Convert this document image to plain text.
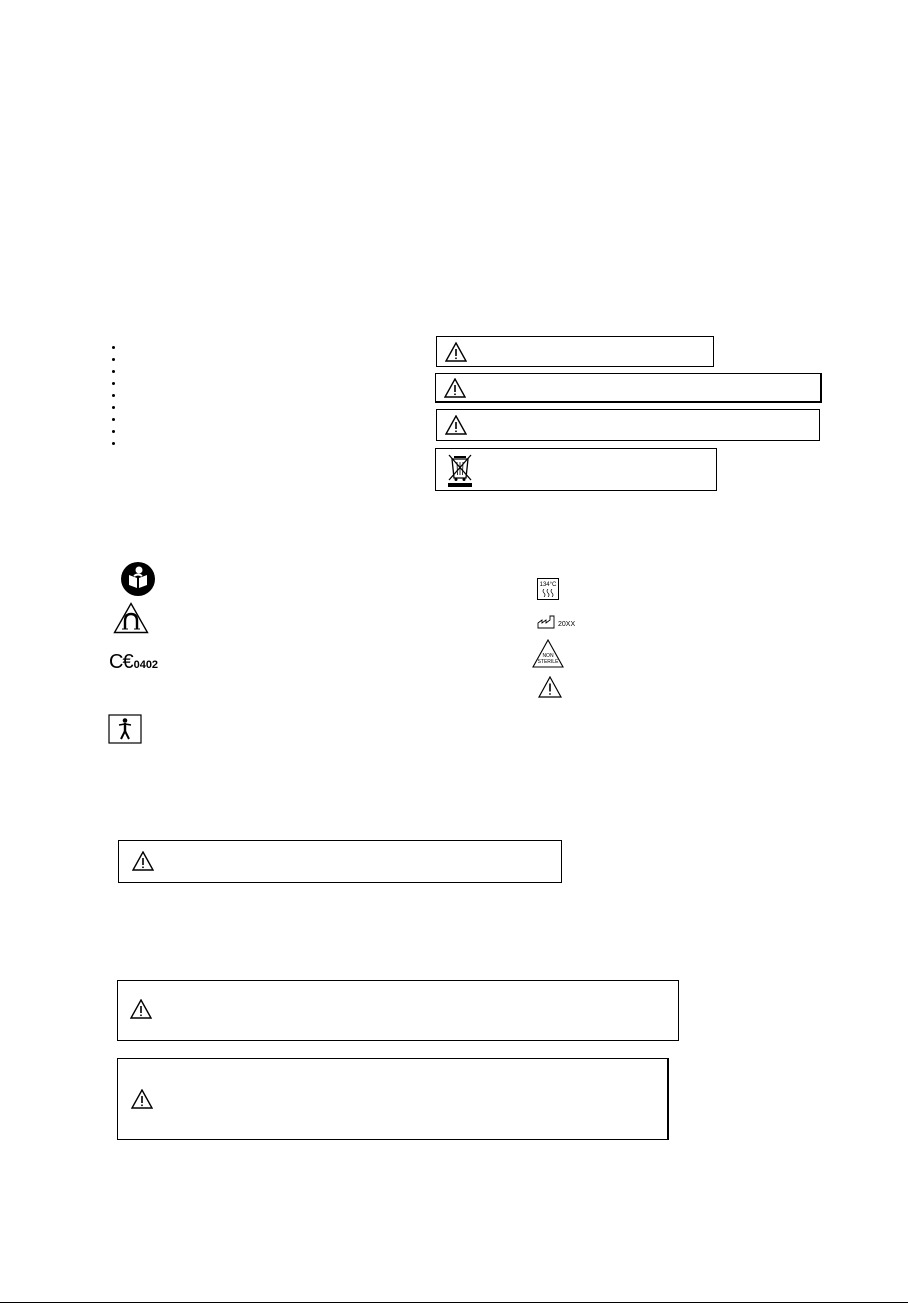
C€ 0402
134°C
20XX
NON
STERILE
